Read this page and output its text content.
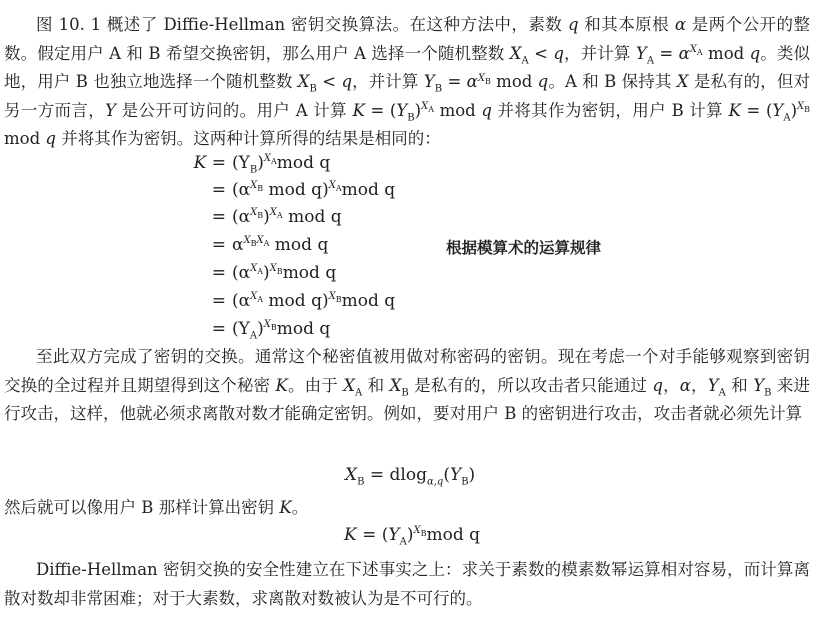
图 10. 1 概述了 Diffie-Hellman 密钥交换算法。在这种方法中，素数 q 和其本原根 α 是两个公开的整数。假定用户 A 和 B 希望交换密钥，那么用户 A 选择一个随机整数 $X_A < q$，并计算 $Y_A = \alpha^{X_A}$ mod q。类似地，用户 B 也独立地选择一个随机整数 $X_B < q$，并计算 $Y_B = \alpha^{X_B}$ mod q。A 和 B 保持其 X 是私有的，但对另一方而言，Y 是公开可访问的。用户 A 计算 $K = (Y_B)^{X_A}$ mod q 并将其作为密钥，用户 B 计算 $K = (Y_A)^{X_B}$ mod q 并将其作为密钥。这两种计算所得的结果是相同的：

$K = (Y_B)^{X_A}mod$ q
= ($\alpha^{X_B}$ mod q)$^{X_A}$mod q
= $(\alpha^{X_B})^{X_A}$ mod q
= $\alpha^{X_BX_A}$ mod q
= $(\alpha^{X_A})^{X_B}mod$ q
= ($\alpha^{X_A}$ mod q)$^{X_B}$mod q
= $(Y_A)^{X_B}mod$ q
根据模算术的运算规律

至此双方完成了密钥的交换。通常这个秘密值被用做对称密码的密钥。现在考虑一个对手能够观察到密钥交换的全过程并且期望得到这个秘密 K。由于 $X_A$ 和 $X_B$ 是私有的，所以攻击者只能通过 q，α，$Y_A$ 和 $Y_B$ 来进行攻击，这样，他就必须求离散对数才能确定密钥。例如，要对用户 B 的密钥进行攻击，攻击者就必须先计算

$X_B = dlog_{\alpha,q}(Y_B)$

然后就可以像用户 B 那样计算出密钥 K。

$K = (Y_A)^{X_B}mod$ q

Diffie-Hellman 密钥交换的安全性建立在下述事实之上：求关于素数的模素数幂运算相对容易，而计算离散对数却非常困难；对于大素数，求离散对数被认为是不可行的。
